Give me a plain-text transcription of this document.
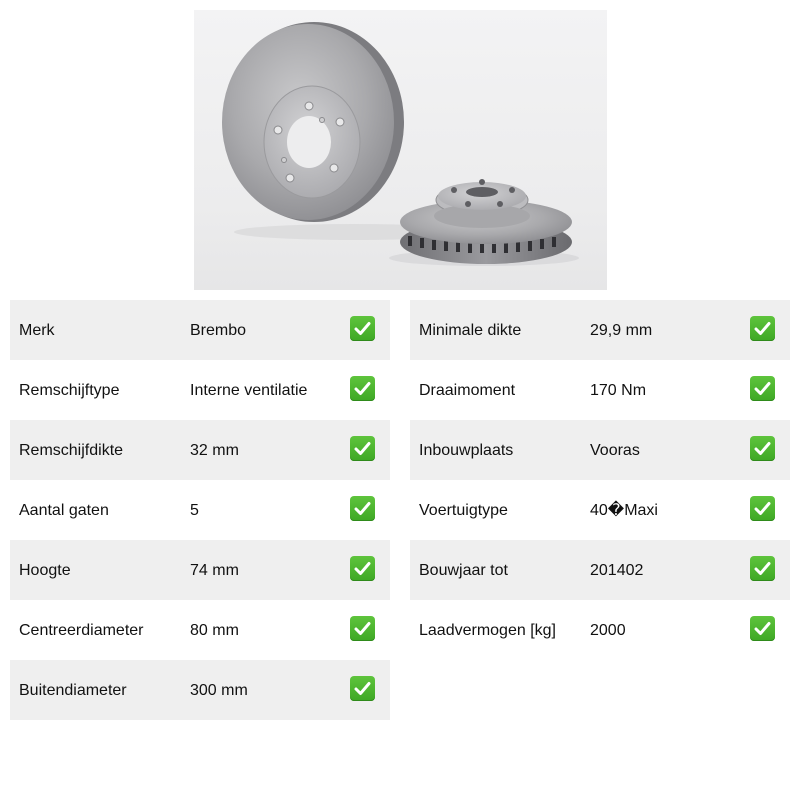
Merk	Brembo
Remschijftype	Interne ventilatie
Remschijfdikte	32 mm
Aantal gaten	5
Hoogte	74 mm
Centreerdiameter	80 mm
Buitendiameter	300 mm
Minimale dikte	29,9 mm
Draaimoment	170 Nm
Inbouwplaats	Vooras
Voertuigtype	40�Maxi
Bouwjaar tot	201402
Laadvermogen [kg] 2000
